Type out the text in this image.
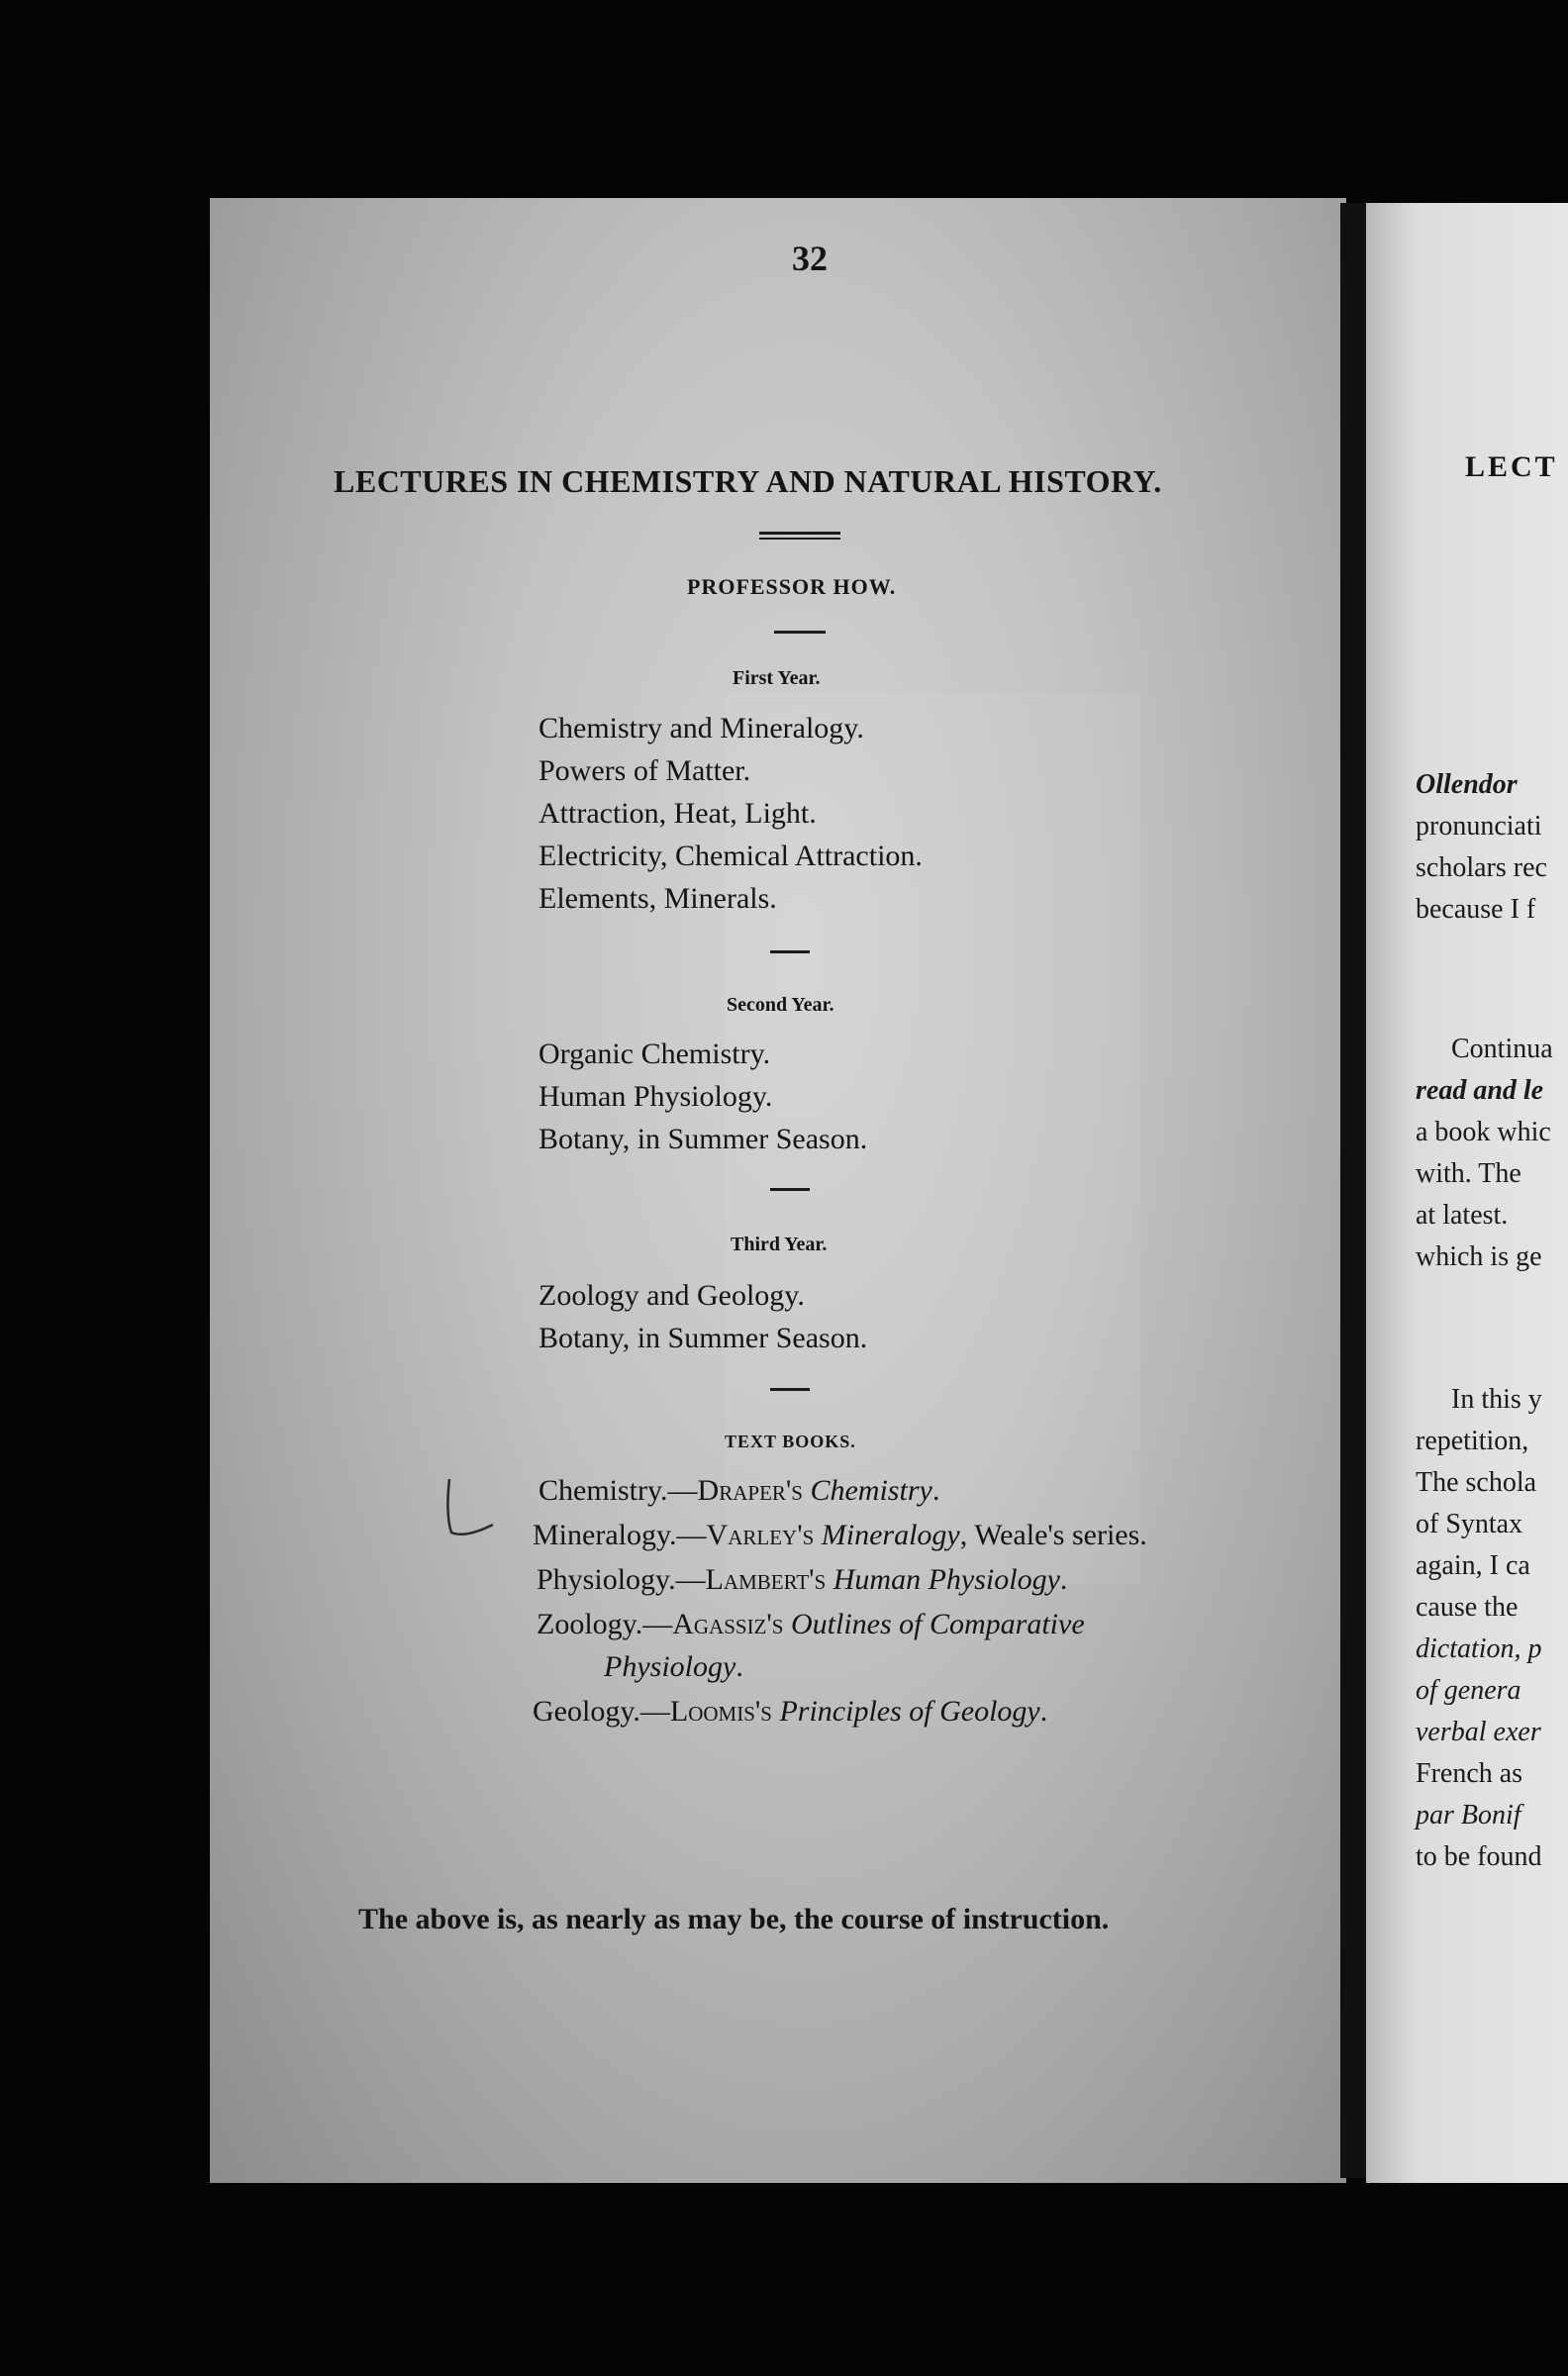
32
LECTURES IN CHEMISTRY AND NATURAL HISTORY.
PROFESSOR HOW.
First Year.
Chemistry and Mineralogy.
Powers of Matter.
Attraction, Heat, Light.
Electricity, Chemical Attraction.
Elements, Minerals.
Second Year.
Organic Chemistry.
Human Physiology.
Botany, in Summer Season.
Third Year.
Zoology and Geology.
Botany, in Summer Season.
TEXT BOOKS.
Chemistry.—Draper's Chemistry.
Mineralogy.—Varley's Mineralogy, Weale's series.
Physiology.—Lambert's Human Physiology.
Zoology.—Agassiz's Outlines of Comparative
Physiology.
Geology.—Loomis's Principles of Geology.
The above is, as nearly as may be, the course of instruction.
LECT
Ollendor
pronunciati
scholars rec
because I f
Continua
read and le
a book whic
with. The
at latest.
which is ge
In this y
repetition,
The schola
of Syntax
again, I ca
cause the
dictation, p
of genera
verbal exer
French as
par Bonif
to be found
